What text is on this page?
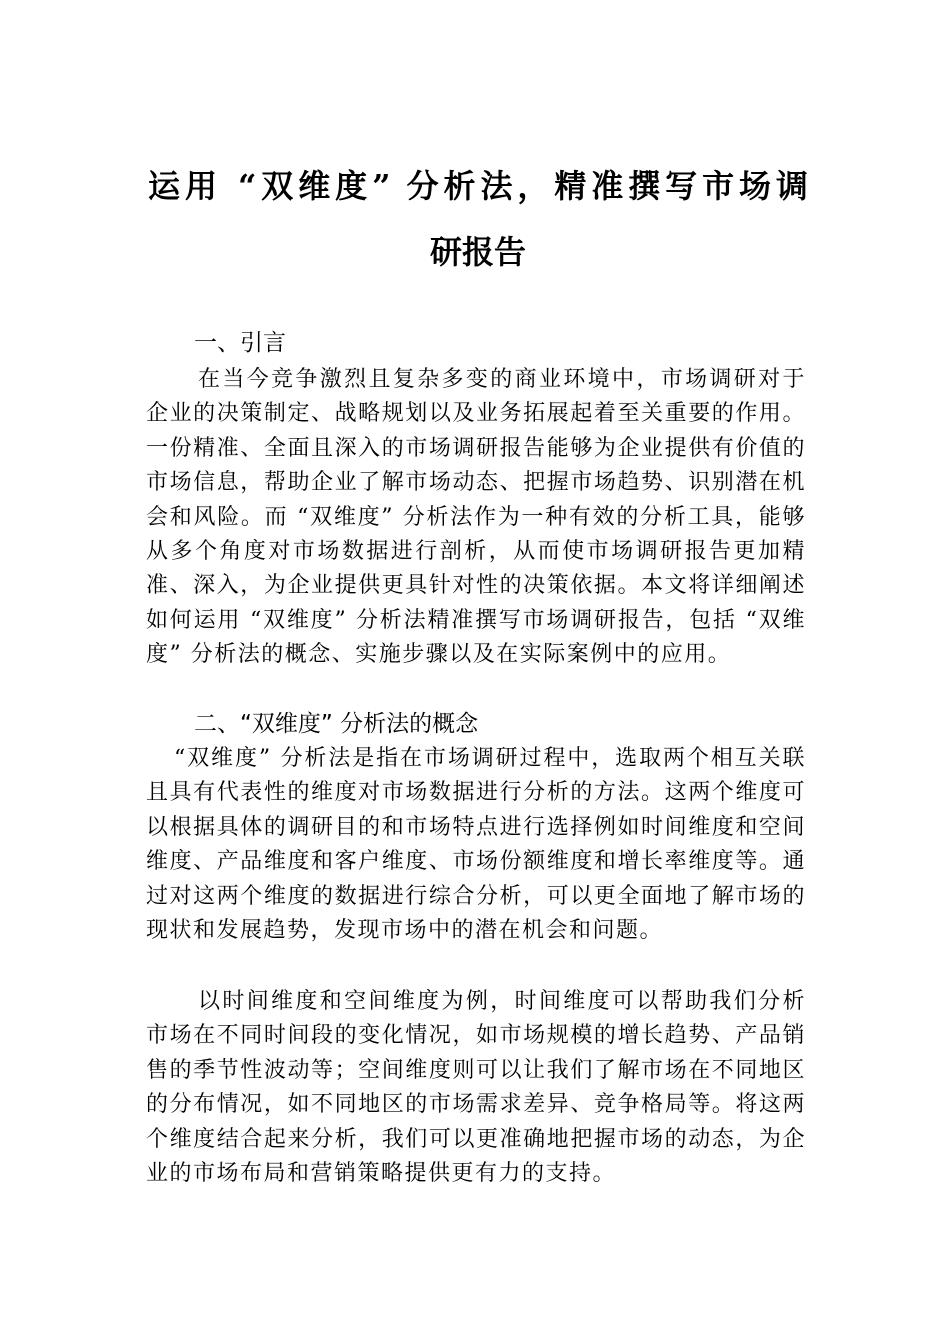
运用 “双维度” 分析法，精准撰写市场调
研报告
一、引言

在当今竞争激烈且复杂多变的商业环境中，市场调研对于企业的决策制定、战略规划以及业务拓展起着至关重要的作用。一份精准、全面且深入的市场调研报告能够为企业提供有价值的市场信息，帮助企业了解市场动态、把握市场趋势、识别潜在机会和风险。而 “双维度” 分析法作为一种有效的分析工具，能够从多个角度对市场数据进行剖析，从而使市场调研报告更加精准、深入，为企业提供更具针对性的决策依据。本文将详细阐述如何运用 “双维度” 分析法精准撰写市场调研报告，包括 “双维度” 分析法的概念、实施步骤以及在实际案例中的应用。

二、“双维度” 分析法的概念

“双维度” 分析法是指在市场调研过程中，选取两个相互关联且具有代表性的维度对市场数据进行分析的方法。这两个维度可以根据具体的调研目的和市场特点进行选择例如时间维度和空间维度、产品维度和客户维度、市场份额维度和增长率维度等。通过对这两个维度的数据进行综合分析，可以更全面地了解市场的现状和发展趋势，发现市场中的潜在机会和问题。

以时间维度和空间维度为例，时间维度可以帮助我们分析市场在不同时间段的变化情况，如市场规模的增长趋势、产品销售的季节性波动等；空间维度则可以让我们了解市场在不同地区的分布情况，如不同地区的市场需求差异、竞争格局等。将这两个维度结合起来分析，我们可以更准确地把握市场的动态，为企业的市场布局和营销策略提供更有力的支持。
